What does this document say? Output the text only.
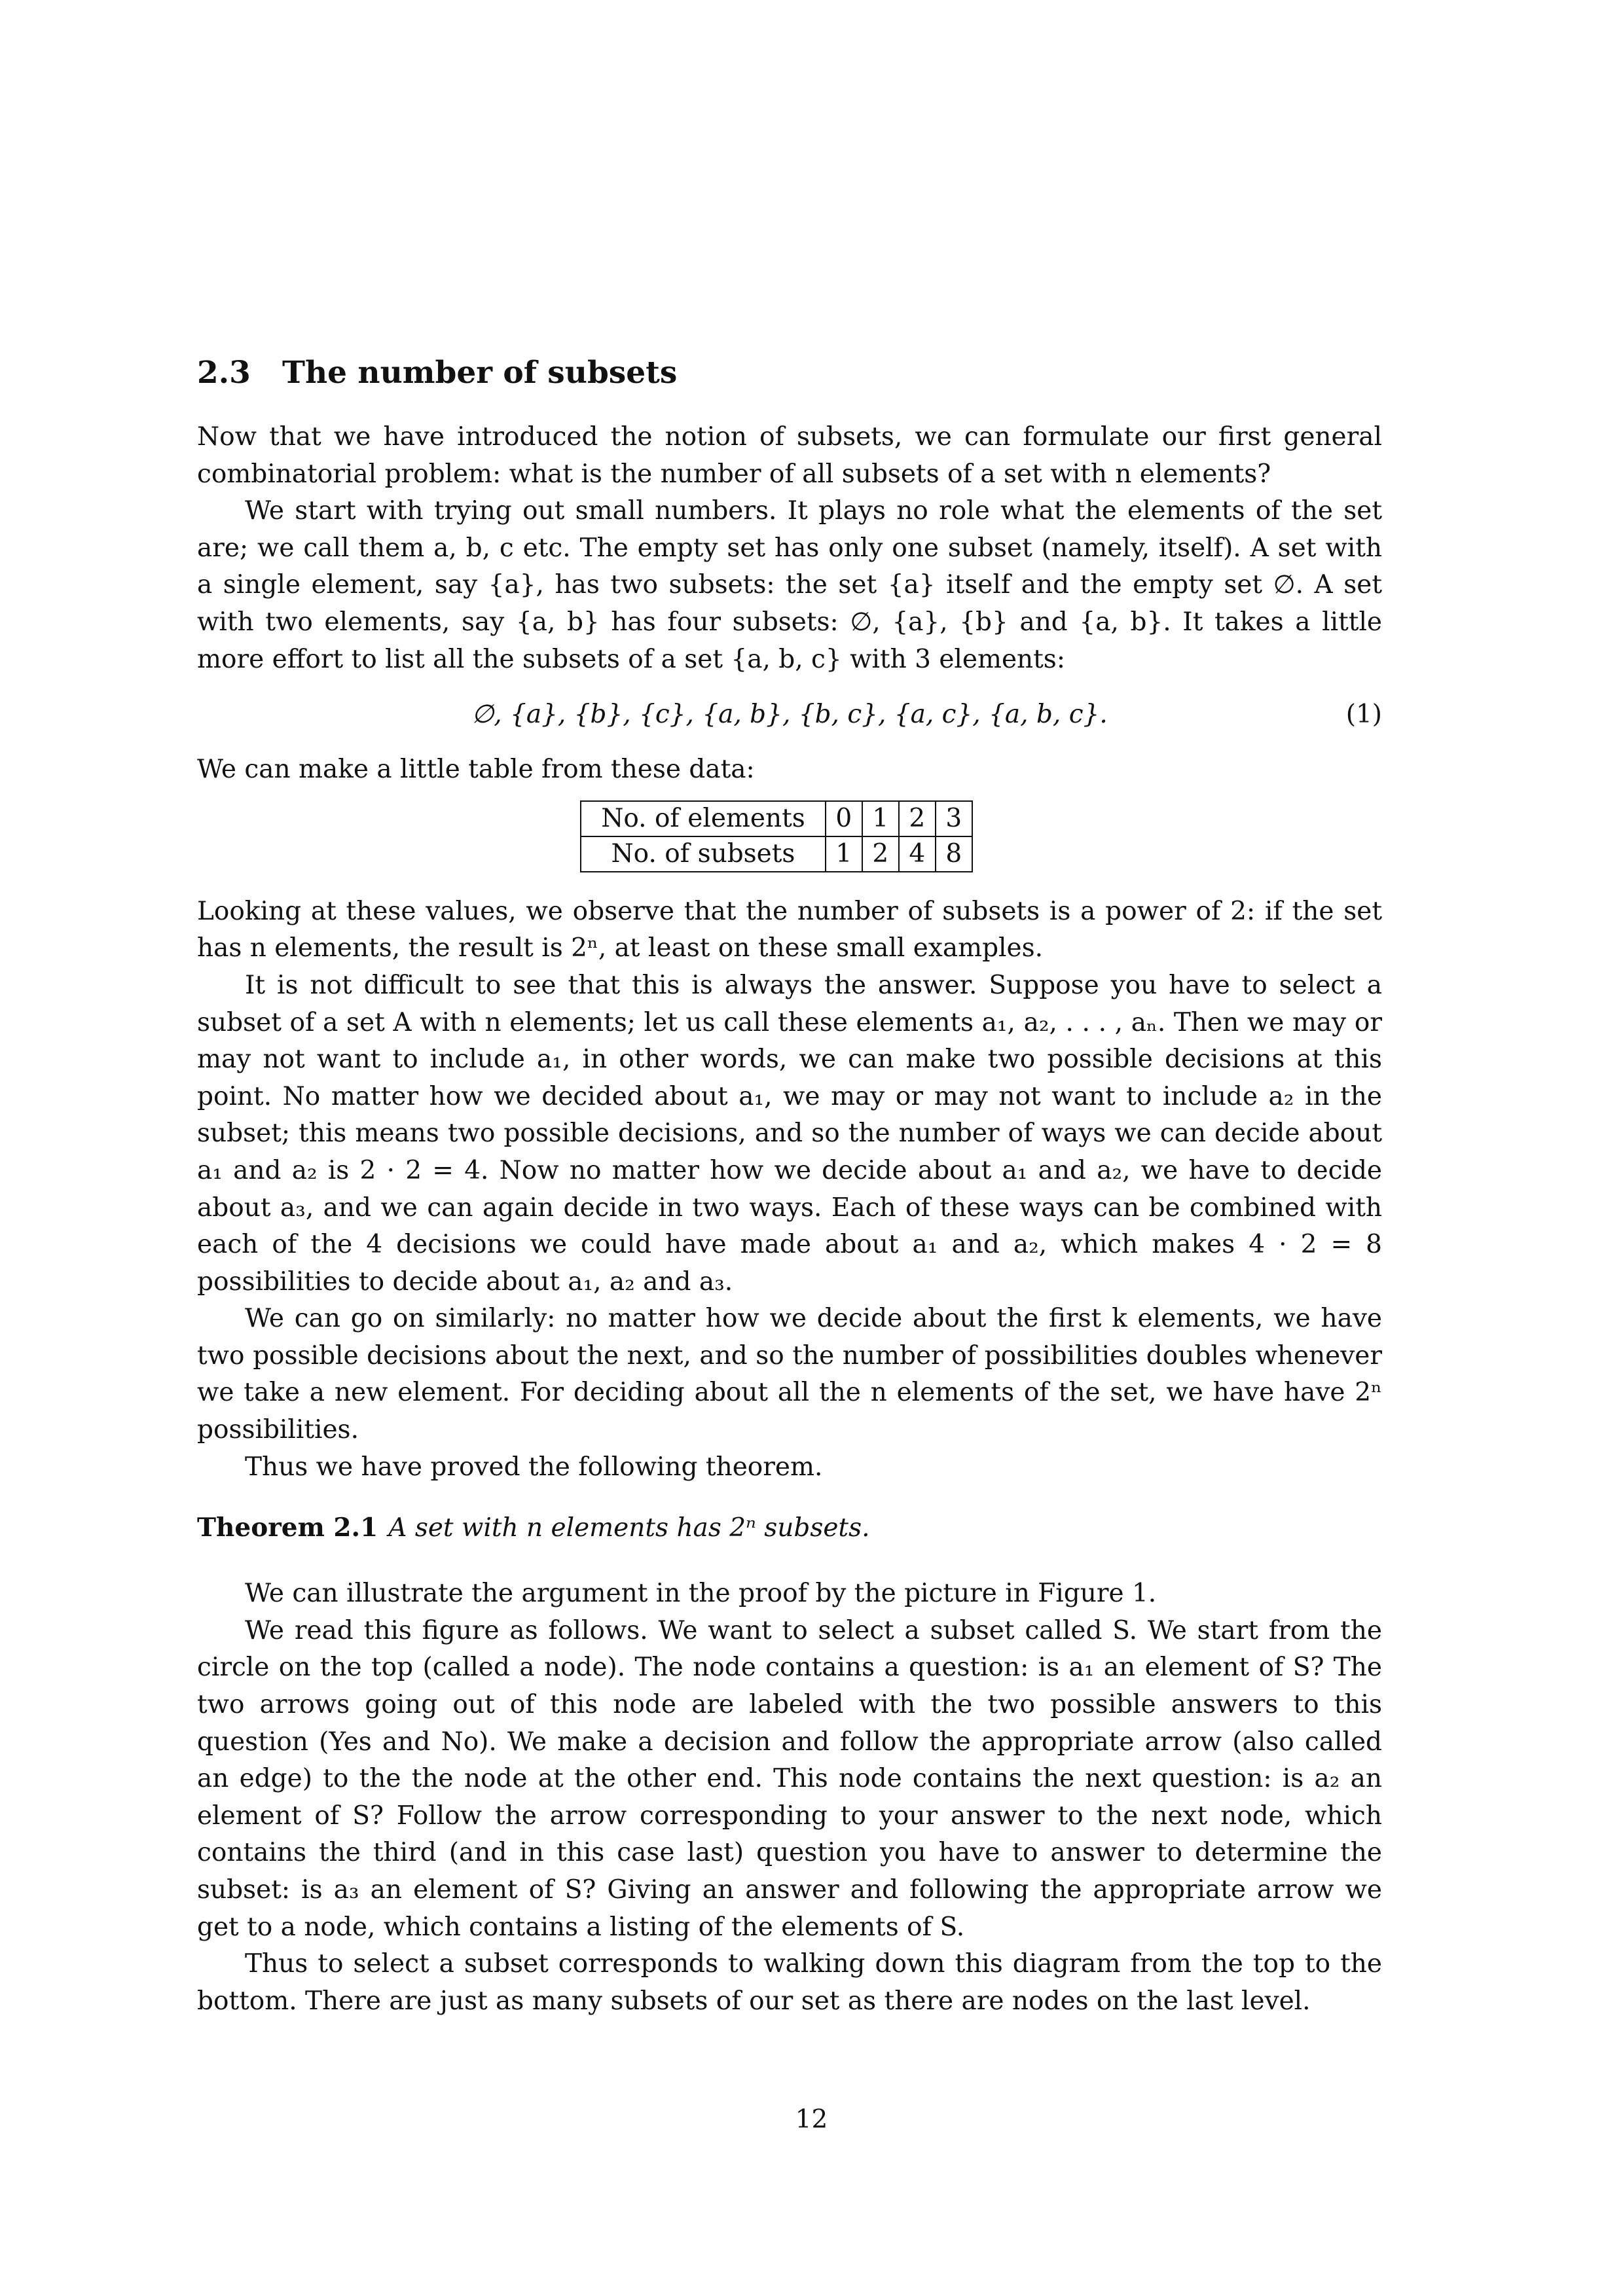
2.3 The number of subsets

Now that we have introduced the notion of subsets, we can formulate our first general combinatorial problem: what is the number of all subsets of a set with n elements?

We start with trying out small numbers. It plays no role what the elements of the set are; we call them a, b, c etc. The empty set has only one subset (namely, itself). A set with a single element, say {a}, has two subsets: the set {a} itself and the empty set ∅. A set with two elements, say {a, b} has four subsets: ∅, {a}, {b} and {a, b}. It takes a little more effort to list all the subsets of a set {a, b, c} with 3 elements:

∅, {a}, {b}, {c}, {a, b}, {b, c}, {a, c}, {a, b, c}.	(1)

We can make a little table from these data:

No. of elements	0	1	2	3
No. of subsets	1	2	4	8

Looking at these values, we observe that the number of subsets is a power of 2: if the set has n elements, the result is 2ⁿ, at least on these small examples.

It is not difficult to see that this is always the answer. Suppose you have to select a subset of a set A with n elements; let us call these elements a₁, a₂, . . . , aₙ. Then we may or may not want to include a₁, in other words, we can make two possible decisions at this point. No matter how we decided about a₁, we may or may not want to include a₂ in the subset; this means two possible decisions, and so the number of ways we can decide about a₁ and a₂ is 2 · 2 = 4. Now no matter how we decide about a₁ and a₂, we have to decide about a₃, and we can again decide in two ways. Each of these ways can be combined with each of the 4 decisions we could have made about a₁ and a₂, which makes 4 · 2 = 8 possibilities to decide about a₁, a₂ and a₃.

We can go on similarly: no matter how we decide about the first k elements, we have two possible decisions about the next, and so the number of possibilities doubles whenever we take a new element. For deciding about all the n elements of the set, we have have 2ⁿ possibilities.

Thus we have proved the following theorem.

Theorem 2.1 A set with n elements has 2ⁿ subsets.

We can illustrate the argument in the proof by the picture in Figure 1.

We read this figure as follows. We want to select a subset called S. We start from the circle on the top (called a node). The node contains a question: is a₁ an element of S? The two arrows going out of this node are labeled with the two possible answers to this question (Yes and No). We make a decision and follow the appropriate arrow (also called an edge) to the the node at the other end. This node contains the next question: is a₂ an element of S? Follow the arrow corresponding to your answer to the next node, which contains the third (and in this case last) question you have to answer to determine the subset: is a₃ an element of S? Giving an answer and following the appropriate arrow we get to a node, which contains a listing of the elements of S.

Thus to select a subset corresponds to walking down this diagram from the top to the bottom. There are just as many subsets of our set as there are nodes on the last level.

12
